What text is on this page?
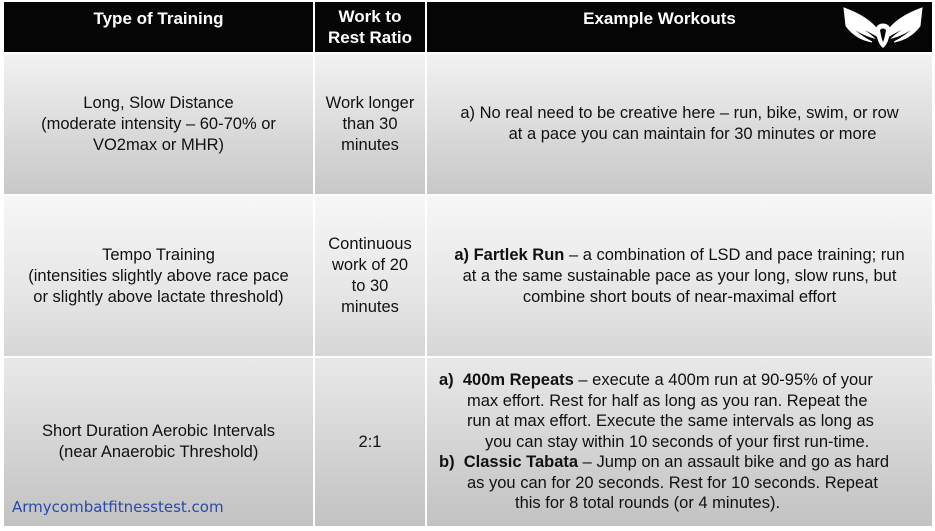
Type of Training	Work to
Rest Ratio
Example Workouts
Long, Slow Distance
(moderate intensity – 60-70% or
VO2max or MHR)
Work longer
than 30
minutes
a) No real need to be creative here – run, bike, swim, or row
at a pace you can maintain for 30 minutes or more
Tempo Training
(intensities slightly above race pace
or slightly above lactate threshold)
Continuous
work of 20
to 30
minutes
a) Fartlek Run – a combination of LSD and pace training; run
at a the same sustainable pace as your long, slow runs, but
combine short bouts of near-maximal effort
Short Duration Aerobic Intervals
(near Anaerobic Threshold)
2:1
a) 400m Repeats – execute a 400m run at 90-95% of your
max effort. Rest for half as long as you ran. Repeat the
run at max effort. Execute the same intervals as long as
you can stay within 10 seconds of your first run-time.
b) Classic Tabata – Jump on an assault bike and go as hard
as you can for 20 seconds. Rest for 10 seconds. Repeat
this for 8 total rounds (or 4 minutes).
Armycombatfitnesstest.com
